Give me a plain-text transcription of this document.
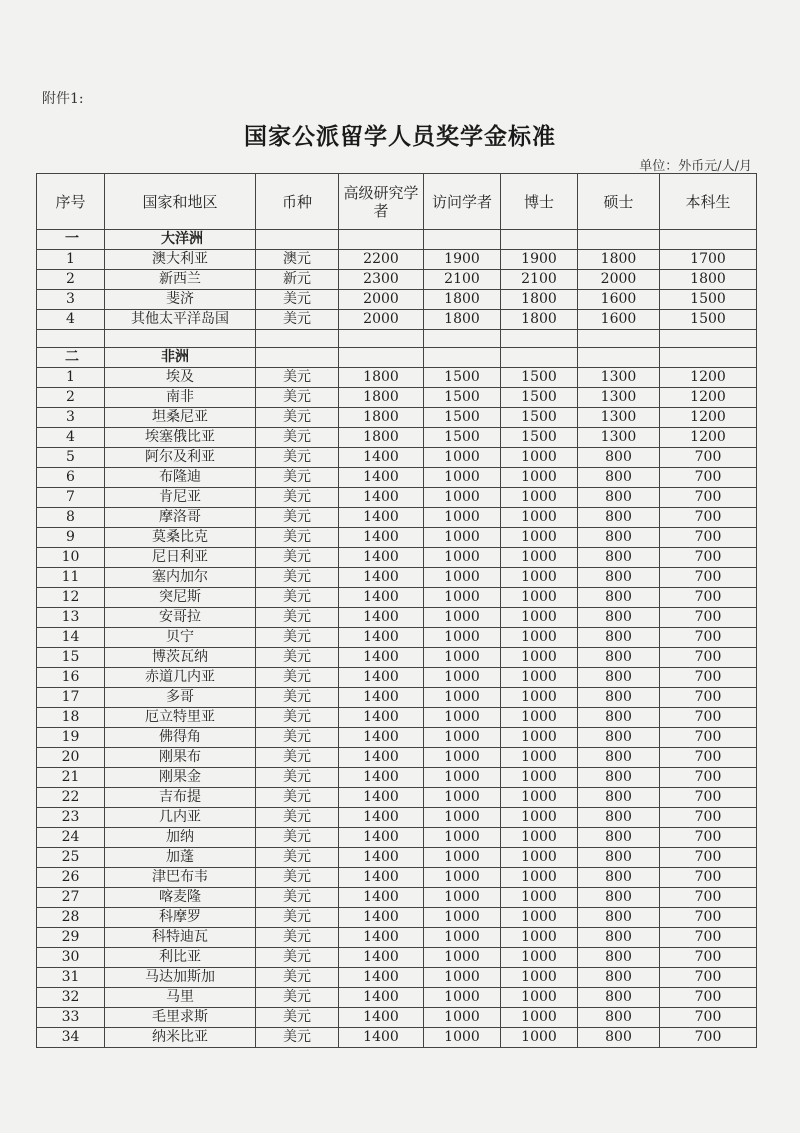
附件1:
国家公派留学人员奖学金标准
单位：外币元/人/月
序号	国家和地区	币种	高级研究学者	访问学者	博士	硕士	本科生
一	大洋洲						
1	澳大利亚	澳元	2200	1900	1900	1800	1700
2	新西兰	新元	2300	2100	2100	2000	1800
3	斐济	美元	2000	1800	1800	1600	1500
4	其他太平洋岛国	美元	2000	1800	1800	1600	1500

二	非洲						
1	埃及	美元	1800	1500	1500	1300	1200
2	南非	美元	1800	1500	1500	1300	1200
3	坦桑尼亚	美元	1800	1500	1500	1300	1200
4	埃塞俄比亚	美元	1800	1500	1500	1300	1200
5	阿尔及利亚	美元	1400	1000	1000	800	700
6	布隆迪	美元	1400	1000	1000	800	700
7	肯尼亚	美元	1400	1000	1000	800	700
8	摩洛哥	美元	1400	1000	1000	800	700
9	莫桑比克	美元	1400	1000	1000	800	700
10	尼日利亚	美元	1400	1000	1000	800	700
11	塞内加尔	美元	1400	1000	1000	800	700
12	突尼斯	美元	1400	1000	1000	800	700
13	安哥拉	美元	1400	1000	1000	800	700
14	贝宁	美元	1400	1000	1000	800	700
15	博茨瓦纳	美元	1400	1000	1000	800	700
16	赤道几内亚	美元	1400	1000	1000	800	700
17	多哥	美元	1400	1000	1000	800	700
18	厄立特里亚	美元	1400	1000	1000	800	700
19	佛得角	美元	1400	1000	1000	800	700
20	刚果布	美元	1400	1000	1000	800	700
21	刚果金	美元	1400	1000	1000	800	700
22	吉布提	美元	1400	1000	1000	800	700
23	几内亚	美元	1400	1000	1000	800	700
24	加纳	美元	1400	1000	1000	800	700
25	加蓬	美元	1400	1000	1000	800	700
26	津巴布韦	美元	1400	1000	1000	800	700
27	喀麦隆	美元	1400	1000	1000	800	700
28	科摩罗	美元	1400	1000	1000	800	700
29	科特迪瓦	美元	1400	1000	1000	800	700
30	利比亚	美元	1400	1000	1000	800	700
31	马达加斯加	美元	1400	1000	1000	800	700
32	马里	美元	1400	1000	1000	800	700
33	毛里求斯	美元	1400	1000	1000	800	700
34	纳米比亚	美元	1400	1000	1000	800	700
